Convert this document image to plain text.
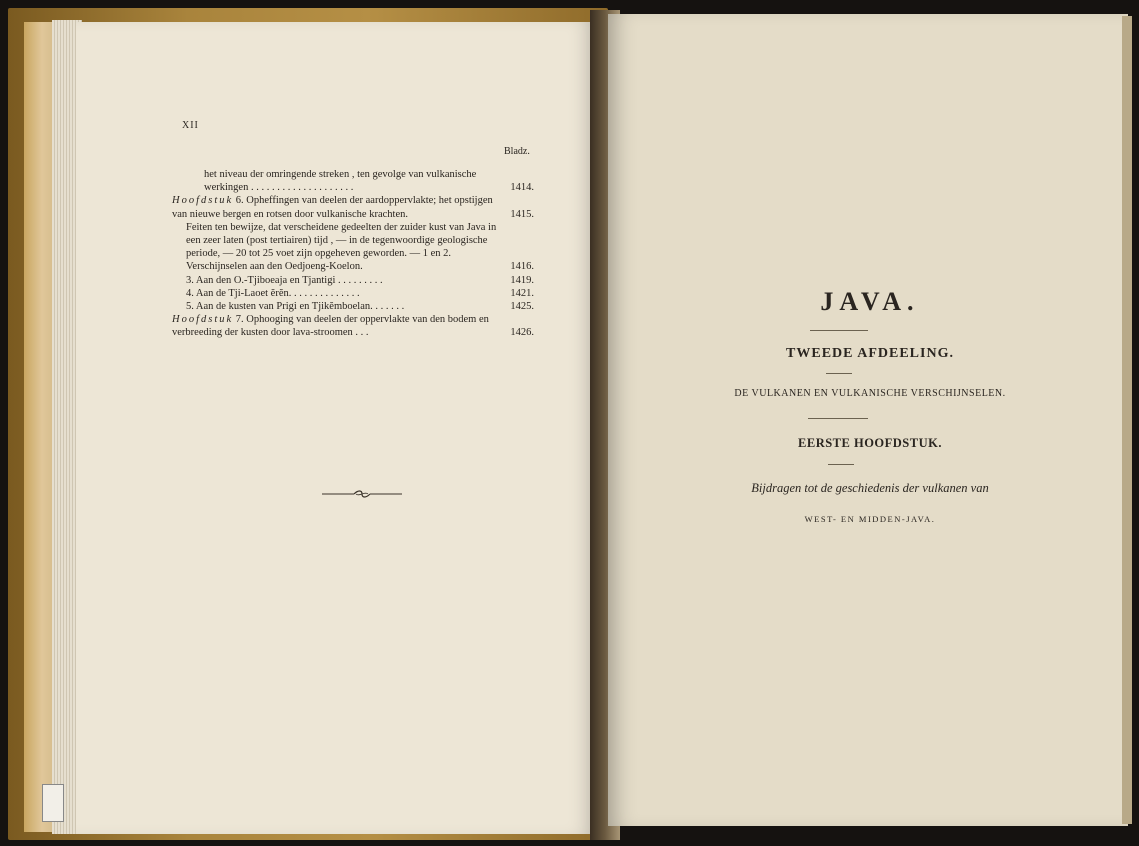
XII
Bladz.
het niveau der omringende streken , ten gevolge van vulkanische werkingen . . . . . . . . . . . . . . . . . . . .	1414.
Hoofdstuk 6. Opheffingen van deelen der aardoppervlakte; het opstijgen van nieuwe bergen en rotsen door vulkanische krachten.	1415.
Feiten ten bewijze, dat verscheidene gedeelten der zuider kust van Java in een zeer laten (post tertiairen) tijd , — in de tegenwoordige geologische periode, — 20 tot 25 voet zijn opgeheven geworden. — 1 en 2. Verschijnselen aan den Oedjoeng-Koelon.	1416.
3. Aan den O.-Tjiboeaja en Tjantigi . . . . . . . . .	1419.
4. Aan de Tji-Laoet ĕrĕn. . . . . . . . . . . . . .	1421.
5. Aan de kusten van Prigi en Tjikĕmboelan. . . . . . .	1425.
Hoofdstuk 7. Ophooging van deelen der oppervlakte van den bodem en verbreeding der kusten door lava-stroomen . . .	1426.
JAVA.
TWEEDE AFDEELING.
DE VULKANEN EN VULKANISCHE VERSCHIJNSELEN.
EERSTE HOOFDSTUK.
Bijdragen tot de geschiedenis der vulkanen van
WEST- EN MIDDEN-JAVA.
